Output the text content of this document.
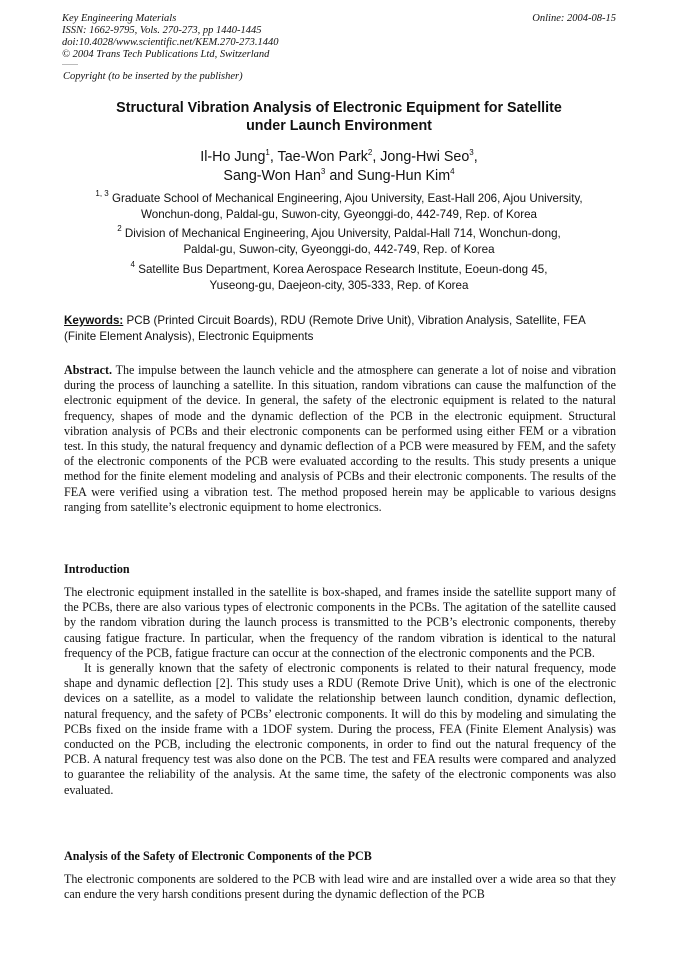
Key Engineering Materials
ISSN: 1662-9795, Vols. 270-273, pp 1440-1445
doi:10.4028/www.scientific.net/KEM.270-273.1440
© 2004 Trans Tech Publications Ltd, Switzerland
Online: 2004-08-15
Copyright (to be inserted by the publisher)
Structural Vibration Analysis of Electronic Equipment for Satellite
under Launch Environment
Il-Ho Jung$^1$, Tae-Won Park$^2$, Jong-Hwi Seo$^3$,
Sang-Won Han$^3$ and Sung-Hun Kim$^4$
$^{1, 3}$ Graduate School of Mechanical Engineering, Ajou University, East-Hall 206, Ajou University,
Wonchun-dong, Paldal-gu, Suwon-city, Gyeonggi-do, 442-749, Rep. of Korea
$^2$ Division of Mechanical Engineering, Ajou University, Paldal-Hall 714, Wonchun-dong,
Paldal-gu, Suwon-city, Gyeonggi-do, 442-749, Rep. of Korea
$^4$ Satellite Bus Department, Korea Aerospace Research Institute, Eoeun-dong 45,
Yuseong-gu, Daejeon-city, 305-333, Rep. of Korea
Keywords: PCB (Printed Circuit Boards), RDU (Remote Drive Unit), Vibration Analysis, Satellite, FEA (Finite Element Analysis), Electronic Equipments

Abstract. The impulse between the launch vehicle and the atmosphere can generate a lot of noise and vibration during the process of launching a satellite. In this situation, random vibrations can cause the malfunction of the electronic equipment of the device. In general, the safety of the electronic equipment is related to the natural frequency, shapes of mode and the dynamic deflection of the PCB in the electronic equipment. Structural vibration analysis of PCBs and their electronic components can be performed using either FEM or a vibration test. In this study, the natural frequency and dynamic deflection of a PCB were measured by FEM, and the safety of the electronic components of the PCB were evaluated according to the results. This study presents a unique method for the finite element modeling and analysis of PCBs and their electronic components. The results of the FEA were verified using a vibration test. The method proposed herein may be applicable to various designs ranging from satellite’s electronic equipment to home electronics.

Introduction

The electronic equipment installed in the satellite is box-shaped, and frames inside the satellite support many of the PCBs, there are also various types of electronic components in the PCBs. The agitation of the satellite caused by the random vibration during the launch process is transmitted to the PCB’s electronic components, thereby causing fatigue fracture. In particular, when the frequency of the random vibration is identical to the natural frequency of the PCB, fatigue fracture can occur at the connection of the electronic components and the PCB.

It is generally known that the safety of electronic components is related to their natural frequency, mode shape and dynamic deflection [2]. This study uses a RDU (Remote Drive Unit), which is one of the electronic devices on a satellite, as a model to validate the relationship between launch condition, dynamic deflection, natural frequency, and the safety of PCBs’ electronic components. It will do this by modeling and simulating the PCBs fixed on the inside frame with a 1DOF system. During the process, FEA (Finite Element Analysis) was conducted on the PCB, including the electronic components, in order to find out the natural frequency of the PCB. A natural frequency test was also done on the PCB. The test and FEA results were compared and analyzed to guarantee the reliability of the analysis. At the same time, the safety of the electronic components was also evaluated.

Analysis of the Safety of Electronic Components of the PCB

The electronic components are soldered to the PCB with lead wire and are installed over a wide area so that they can endure the very harsh conditions present during the dynamic deflection of the PCB
